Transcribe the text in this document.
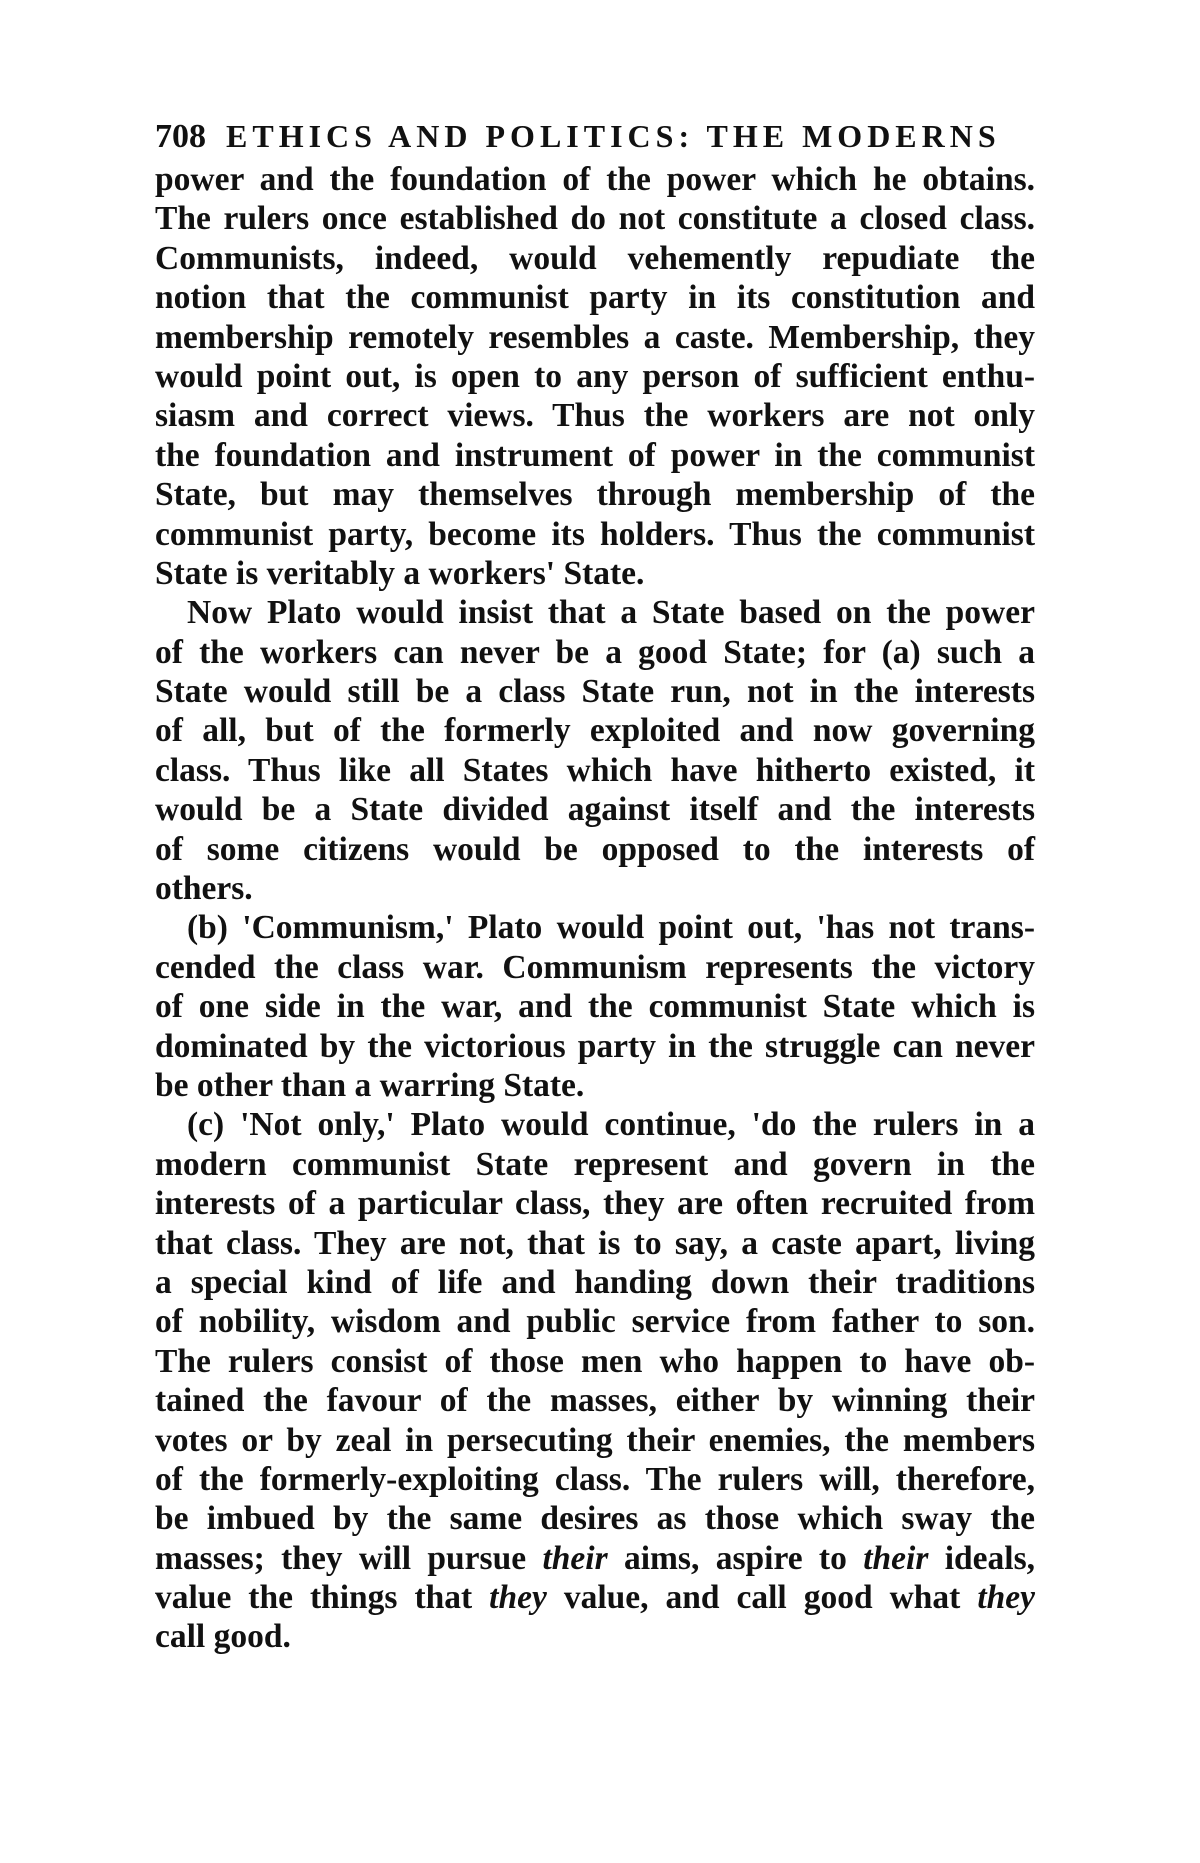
708 ETHICS AND POLITICS: THE MODERNS
power and the foundation of the power which he obtains.
The rulers once established do not constitute a closed class.
Communists, indeed, would vehemently repudiate the
notion that the communist party in its constitution and
membership remotely resembles a caste. Membership, they
would point out, is open to any person of sufficient enthu-
siasm and correct views. Thus the workers are not only
the foundation and instrument of power in the communist
State, but may themselves through membership of the
communist party, become its holders. Thus the communist
State is veritably a workers' State.
Now Plato would insist that a State based on the power
of the workers can never be a good State; for (a) such a
State would still be a class State run, not in the interests
of all, but of the formerly exploited and now governing
class. Thus like all States which have hitherto existed, it
would be a State divided against itself and the interests
of some citizens would be opposed to the interests of
others.
(b) 'Communism,' Plato would point out, 'has not trans-
cended the class war. Communism represents the victory
of one side in the war, and the communist State which is
dominated by the victorious party in the struggle can never
be other than a warring State.
(c) 'Not only,' Plato would continue, 'do the rulers in a
modern communist State represent and govern in the
interests of a particular class, they are often recruited from
that class. They are not, that is to say, a caste apart, living
a special kind of life and handing down their traditions
of nobility, wisdom and public service from father to son.
The rulers consist of those men who happen to have ob-
tained the favour of the masses, either by winning their
votes or by zeal in persecuting their enemies, the members
of the formerly-exploiting class. The rulers will, therefore,
be imbued by the same desires as those which sway the
masses; they will pursue their aims, aspire to their ideals,
value the things that they value, and call good what they
call good.
